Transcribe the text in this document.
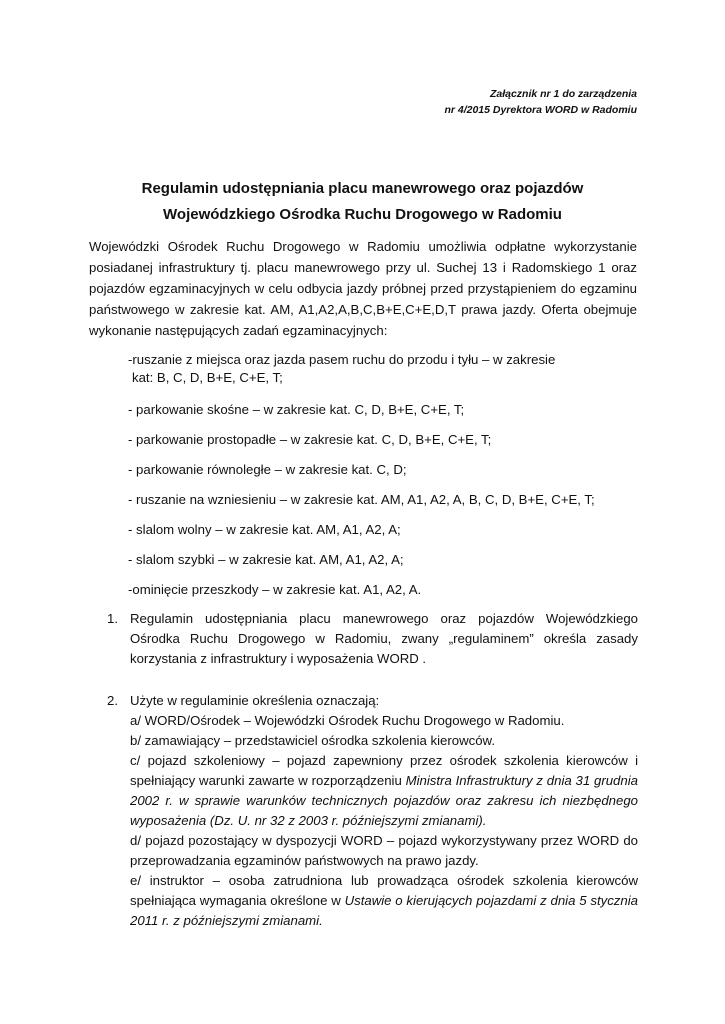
Załącznik nr 1 do zarządzenia
nr 4/2015 Dyrektora WORD w Radomiu
Regulamin udostępniania placu manewrowego oraz pojazdów
Wojewódzkiego Ośrodka Ruchu Drogowego w Radomiu

Wojewódzki Ośrodek Ruchu Drogowego w Radomiu umożliwia odpłatne wykorzystanie posiadanej infrastruktury tj. placu manewrowego przy ul. Suchej 13 i Radomskiego 1 oraz pojazdów egzaminacyjnych w celu odbycia jazdy próbnej przed przystąpieniem do egzaminu państwowego w zakresie kat. AM, A1,A2,A,B,C,B+E,C+E,D,T prawa jazdy. Oferta obejmuje wykonanie następujących zadań egzaminacyjnych:

-ruszanie z miejsca oraz jazda pasem ruchu do przodu i tyłu – w zakresie
kat: B, C, D, B+E, C+E, T;
- parkowanie skośne – w zakresie kat. C, D, B+E, C+E, T;
- parkowanie prostopadłe – w zakresie kat. C, D, B+E, C+E, T;
- parkowanie równoległe – w zakresie kat. C, D;
- ruszanie na wzniesieniu – w zakresie kat. AM, A1, A2, A, B, C, D, B+E, C+E, T;
- slalom wolny – w zakresie kat. AM, A1, A2, A;
- slalom szybki – w zakresie kat. AM, A1, A2, A;
-ominięcie przeszkody – w zakresie kat. A1, A2, A.
1. Regulamin udostępniania placu manewrowego oraz pojazdów Wojewódzkiego Ośrodka Ruchu Drogowego w Radomiu, zwany „regulaminem” określa zasady korzystania z infrastruktury i wyposażenia WORD .

2. Użyte w regulaminie określenia oznaczają:
a/ WORD/Ośrodek – Wojewódzki Ośrodek Ruchu Drogowego w Radomiu.
b/ zamawiający – przedstawiciel ośrodka szkolenia kierowców.
c/ pojazd szkoleniowy – pojazd zapewniony przez ośrodek szkolenia kierowców i spełniający warunki zawarte w rozporządzeniu Ministra Infrastruktury z dnia 31 grudnia 2002 r. w sprawie warunków technicznych pojazdów oraz zakresu ich niezbędnego wyposażenia (Dz. U. nr 32 z 2003 r. późniejszymi zmianami).
d/ pojazd pozostający w dyspozycji WORD – pojazd wykorzystywany przez WORD do przeprowadzania egzaminów państwowych na prawo jazdy.
e/ instruktor – osoba zatrudniona lub prowadząca ośrodek szkolenia kierowców spełniająca wymagania określone w Ustawie o kierujących pojazdami z dnia 5 stycznia 2011 r. z późniejszymi zmianami.
